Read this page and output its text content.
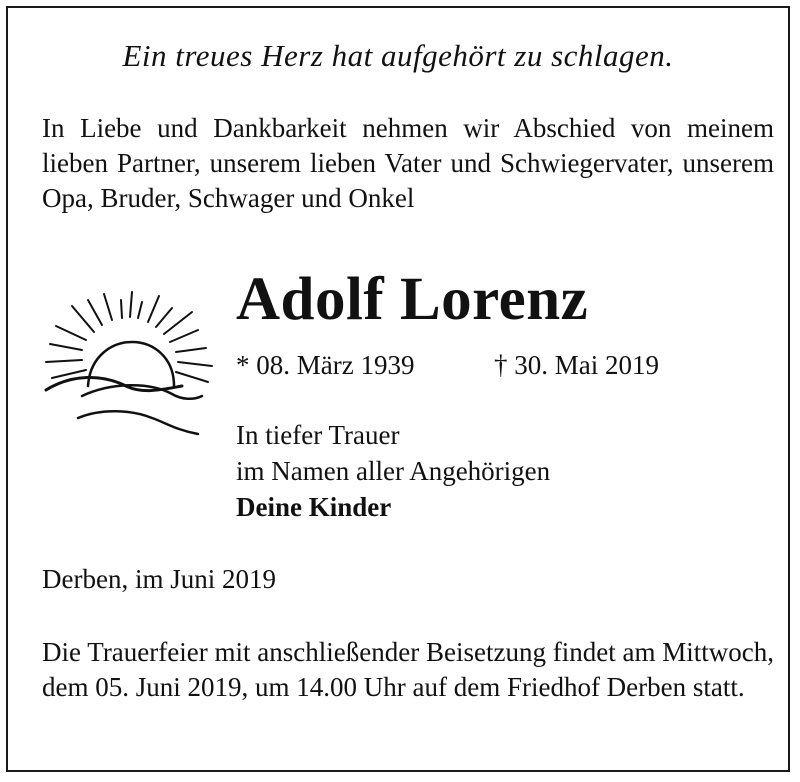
Ein treues Herz hat aufgehört zu schlagen.
In Liebe und Dankbarkeit nehmen wir Abschied von meinem lieben Partner, unserem lieben Vater und Schwiegervater, unserem Opa, Bruder, Schwager und Onkel
Adolf Lorenz
* 08. März 1939	† 30. Mai 2019
In tiefer Trauer
im Namen aller Angehörigen
Deine Kinder
Derben, im Juni 2019
Die Trauerfeier mit anschließender Beisetzung findet am Mittwoch, dem 05. Juni 2019, um 14.00 Uhr auf dem Friedhof Derben statt.
